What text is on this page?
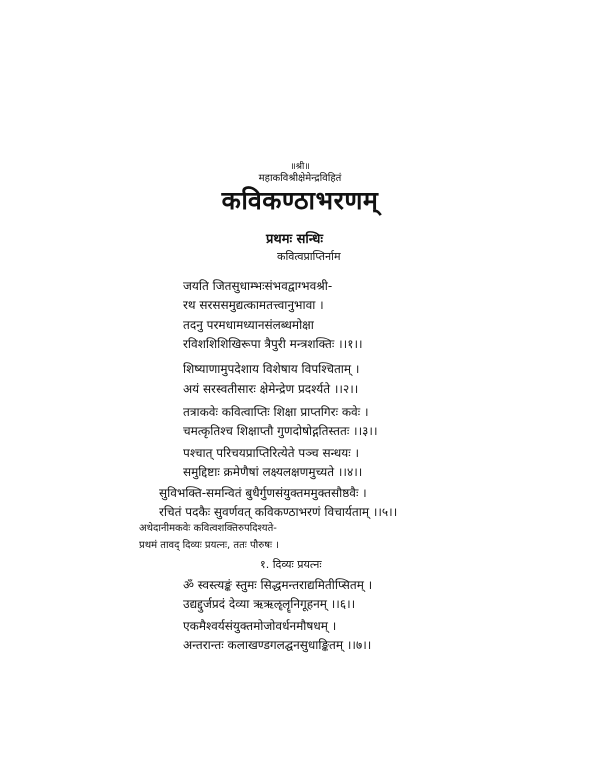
॥श्री॥
महाकविश्रीक्षेमेन्द्रविहितं
कविकण्ठाभरणम्
प्रथमः सन्धिः
कवित्वप्राप्तिर्नाम
जयति जितसुधाम्भःसंभवद्वाग्भवश्री-
रथ सरससमुद्यत्कामतत्त्वानुभावा ।
तदनु परमधामध्यानसंलब्धमोक्षा
रविशशिशिखिरूपा त्रैपुरी मन्त्रशक्तिः ।।१।।
शिष्याणामुपदेशाय विशेषाय विपश्चिताम् ।
अयं सरस्वतीसारः क्षेमेन्द्रेण प्रदर्श्यते ।।२।।
तत्राकवेः कवित्वाप्तिः शिक्षा प्राप्तगिरः कवेः ।
चमत्कृतिश्च शिक्षाप्तौ गुणदोषोद्गतिस्ततः ।।३।।
पश्चात् परिचयप्राप्तिरित्येते पञ्च सन्धयः ।
समुद्दिष्टाः क्रमेणैषां लक्ष्यलक्षणमुच्यते ।।४।।
सुविभक्ति-समन्वितं बुधैर्गुणसंयुक्तममुक्तसौष्ठवैः ।
रचितं पदकैः सुवर्णवत् कविकण्ठाभरणं विचार्यताम् ।।५।।
अथेदानीमकवेः कवित्वशक्तिरुपदिश्यते-
प्रथमं तावद् दिव्यः प्रयत्नः, ततः पौरुषः ।
१. दिव्यः प्रयत्नः
ॐ स्वस्त्यङ्कं स्तुमः सिद्धमन्तराद्यमितीप्सितम् ।
उद्यद्दुर्जप्रदं देव्या ऋऋॡलॄनिगूहनम् ।।६।।
एकमैश्वर्यसंयुक्तमोजोवर्धनमौषधम् ।
अन्तरान्तः कलाखण्डगलद्घनसुधाङ्कितम् ।।७।।
